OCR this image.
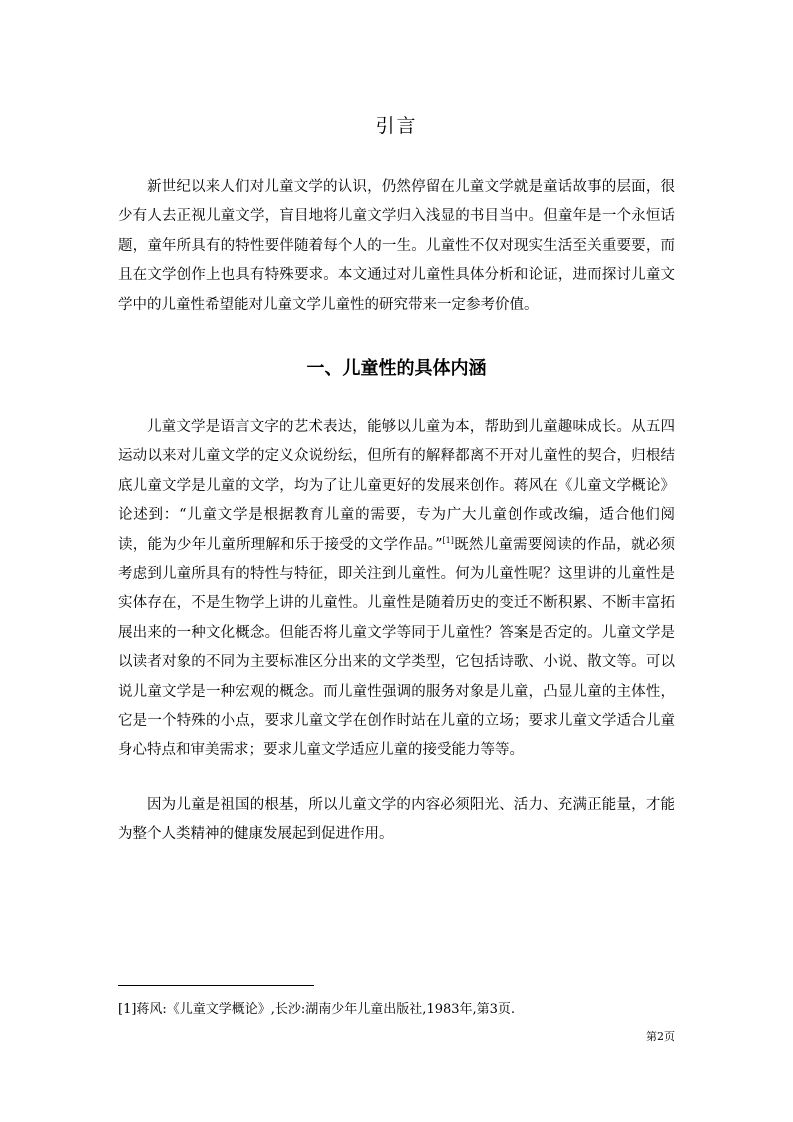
引言

新世纪以来人们对儿童文学的认识，仍然停留在儿童文学就是童话故事的层面，很少有人去正视儿童文学，盲目地将儿童文学归入浅显的书目当中。但童年是一个永恒话题，童年所具有的特性要伴随着每个人的一生。儿童性不仅对现实生活至关重要要，而且在文学创作上也具有特殊要求。本文通过对儿童性具体分析和论证，进而探讨儿童文学中的儿童性希望能对儿童文学儿童性的研究带来一定参考价值。

一、儿童性的具体内涵

儿童文学是语言文字的艺术表达，能够以儿童为本，帮助到儿童趣味成长。从五四运动以来对儿童文学的定义众说纷纭，但所有的解释都离不开对儿童性的契合，归根结底儿童文学是儿童的文学，均为了让儿童更好的发展来创作。蒋风在《儿童文学概论》论述到：“儿童文学是根据教育儿童的需要，专为广大儿童创作或改编，适合他们阅读，能为少年儿童所理解和乐于接受的文学作品。”[1]既然儿童需要阅读的作品，就必须考虑到儿童所具有的特性与特征，即关注到儿童性。何为儿童性呢？这里讲的儿童性是实体存在，不是生物学上讲的儿童性。儿童性是随着历史的变迁不断积累、不断丰富拓展出来的一种文化概念。但能否将儿童文学等同于儿童性？答案是否定的。儿童文学是以读者对象的不同为主要标准区分出来的文学类型，它包括诗歌、小说、散文等。可以说儿童文学是一种宏观的概念。而儿童性强调的服务对象是儿童，凸显儿童的主体性，它是一个特殊的小点，要求儿童文学在创作时站在儿童的立场；要求儿童文学适合儿童身心特点和审美需求；要求儿童文学适应儿童的接受能力等等。

因为儿童是祖国的根基，所以儿童文学的内容必须阳光、活力、充满正能量，才能为整个人类精神的健康发展起到促进作用。

[1]蒋风:《儿童文学概论》,长沙:湖南少年儿童出版社,1983年,第3页.

第2页
